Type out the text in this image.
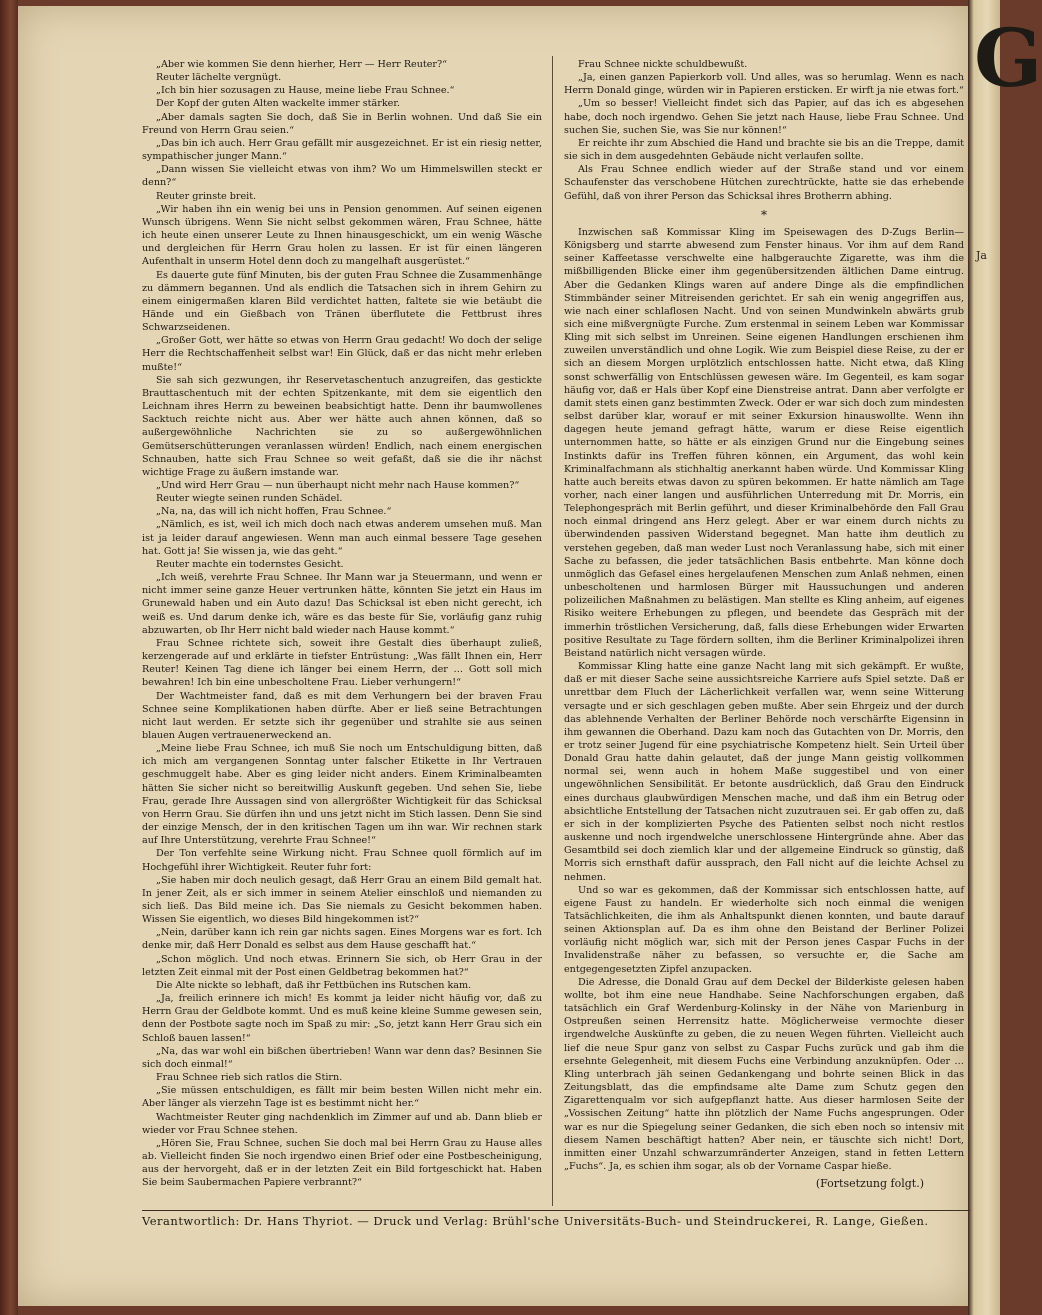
G
Ja

„Aber wie kommen Sie denn hierher, Herr — Herr Reuter?“

Reuter lächelte vergnügt.

„Ich bin hier sozusagen zu Hause, meine liebe Frau Schnee.“

Der Kopf der guten Alten wackelte immer stärker.

„Aber damals sagten Sie doch, daß Sie in Berlin wohnen. Und daß Sie ein Freund von Herrn Grau seien.“

„Das bin ich auch. Herr Grau gefällt mir ausgezeichnet. Er ist ein riesig netter, sympathischer junger Mann.“

„Dann wissen Sie vielleicht etwas von ihm? Wo um Himmelswillen steckt er denn?“

Reuter grinste breit.

„Wir haben ihn ein wenig bei uns in Pension genommen. Auf seinen eigenen Wunsch übrigens. Wenn Sie nicht selbst gekommen wären, Frau Schnee, hätte ich heute einen unserer Leute zu Ihnen hinausgeschickt, um ein wenig Wäsche und dergleichen für Herrn Grau holen zu lassen. Er ist für einen längeren Aufenthalt in unserm Hotel denn doch zu mangelhaft ausgerüstet.“

Es dauerte gute fünf Minuten, bis der guten Frau Schnee die Zusammenhänge zu dämmern begannen. Und als endlich die Tatsachen sich in ihrem Gehirn zu einem einigermaßen klaren Bild verdichtet hatten, faltete sie wie betäubt die Hände und ein Gießbach von Tränen überflutete die Fettbrust ihres Schwarzseidenen.

„Großer Gott, wer hätte so etwas von Herrn Grau gedacht! Wo doch der selige Herr die Rechtschaffenheit selbst war! Ein Glück, daß er das nicht mehr erleben mußte!“

Sie sah sich gezwungen, ihr Reservetaschentuch anzugreifen, das gestickte Brauttaschentuch mit der echten Spitzenkante, mit dem sie eigentlich den Leichnam ihres Herrn zu beweinen beabsichtigt hatte. Denn ihr baumwollenes Sacktuch reichte nicht aus. Aber wer hätte auch ahnen können, daß so außergewöhnliche Nachrichten sie zu so außergewöhnlichen Gemütserschütterungen veranlassen würden! Endlich, nach einem energischen Schnauben, hatte sich Frau Schnee so weit gefaßt, daß sie die ihr nächst wichtige Frage zu äußern imstande war.

„Und wird Herr Grau — nun überhaupt nicht mehr nach Hause kommen?“

Reuter wiegte seinen runden Schädel.

„Na, na, das will ich nicht hoffen, Frau Schnee.“

„Nämlich, es ist, weil ich mich doch nach etwas anderem umsehen muß. Man ist ja leider darauf angewiesen. Wenn man auch einmal bessere Tage gesehen hat. Gott ja! Sie wissen ja, wie das geht.“

Reuter machte ein todernstes Gesicht.

„Ich weiß, verehrte Frau Schnee. Ihr Mann war ja Steuermann, und wenn er nicht immer seine ganze Heuer vertrunken hätte, könnten Sie jetzt ein Haus im Grunewald haben und ein Auto dazu! Das Schicksal ist eben nicht gerecht, ich weiß es. Und darum denke ich, wäre es das beste für Sie, vorläufig ganz ruhig abzuwarten, ob Ihr Herr nicht bald wieder nach Hause kommt.“

Frau Schnee richtete sich, soweit ihre Gestalt dies überhaupt zuließ, kerzengerade auf und erklärte in tiefster Entrüstung: „Was fällt Ihnen ein, Herr Reuter! Keinen Tag diene ich länger bei einem Herrn, der … Gott soll mich bewahren! Ich bin eine unbescholtene Frau. Lieber verhungern!“

Der Wachtmeister fand, daß es mit dem Verhungern bei der braven Frau Schnee seine Komplikationen haben dürfte. Aber er ließ seine Betrachtungen nicht laut werden. Er setzte sich ihr gegenüber und strahlte sie aus seinen blauen Augen vertrauenerweckend an.

„Meine liebe Frau Schnee, ich muß Sie noch um Entschuldigung bitten, daß ich mich am vergangenen Sonntag unter falscher Etikette in Ihr Vertrauen geschmuggelt habe. Aber es ging leider nicht anders. Einem Kriminalbeamten hätten Sie sicher nicht so bereitwillig Auskunft gegeben. Und sehen Sie, liebe Frau, gerade Ihre Aussagen sind von allergrößter Wichtigkeit für das Schicksal von Herrn Grau. Sie dürfen ihn und uns jetzt nicht im Stich lassen. Denn Sie sind der einzige Mensch, der in den kritischen Tagen um ihn war. Wir rechnen stark auf Ihre Unterstützung, verehrte Frau Schnee!“

Der Ton verfehlte seine Wirkung nicht. Frau Schnee quoll förmlich auf im Hochgefühl ihrer Wichtigkeit. Reuter fuhr fort:

„Sie haben mir doch neulich gesagt, daß Herr Grau an einem Bild gemalt hat. In jener Zeit, als er sich immer in seinem Atelier einschloß und niemanden zu sich ließ. Das Bild meine ich. Das Sie niemals zu Gesicht bekommen haben. Wissen Sie eigentlich, wo dieses Bild hingekommen ist?“

„Nein, darüber kann ich rein gar nichts sagen. Eines Morgens war es fort. Ich denke mir, daß Herr Donald es selbst aus dem Hause geschafft hat.“

„Schon möglich. Und noch etwas. Erinnern Sie sich, ob Herr Grau in der letzten Zeit einmal mit der Post einen Geldbetrag bekommen hat?“

Die Alte nickte so lebhaft, daß ihr Fettbüchen ins Rutschen kam.

„Ja, freilich erinnere ich mich! Es kommt ja leider nicht häufig vor, daß zu Herrn Grau der Geldbote kommt. Und es muß keine kleine Summe gewesen sein, denn der Postbote sagte noch im Spaß zu mir: „So, jetzt kann Herr Grau sich ein Schloß bauen lassen!“

„Na, das war wohl ein bißchen übertrieben! Wann war denn das? Besinnen Sie sich doch einmal!“

Frau Schnee rieb sich ratlos die Stirn.

„Sie müssen entschuldigen, es fällt mir beim besten Willen nicht mehr ein. Aber länger als vierzehn Tage ist es bestimmt nicht her.“

Wachtmeister Reuter ging nachdenklich im Zimmer auf und ab. Dann blieb er wieder vor Frau Schnee stehen.

„Hören Sie, Frau Schnee, suchen Sie doch mal bei Herrn Grau zu Hause alles ab. Vielleicht finden Sie noch irgendwo einen Brief oder eine Postbescheinigung, aus der hervorgeht, daß er in der letzten Zeit ein Bild fortgeschickt hat. Haben Sie beim Saubermachen Papiere verbrannt?“

Frau Schnee nickte schuldbewußt.

„Ja, einen ganzen Papierkorb voll. Und alles, was so herumlag. Wenn es nach Herrn Donald ginge, würden wir in Papieren ersticken. Er wirft ja nie etwas fort.“

„Um so besser! Vielleicht findet sich das Papier, auf das ich es abgesehen habe, doch noch irgendwo. Gehen Sie jetzt nach Hause, liebe Frau Schnee. Und suchen Sie, suchen Sie, was Sie nur können!“

Er reichte ihr zum Abschied die Hand und brachte sie bis an die Treppe, damit sie sich in dem ausgedehnten Gebäude nicht verlaufen sollte.

Als Frau Schnee endlich wieder auf der Straße stand und vor einem Schaufenster das verschobene Hütchen zurechtrückte, hatte sie das erhebende Gefühl, daß von ihrer Person das Schicksal ihres Brotherrn abhing.

*

Inzwischen saß Kommissar Kling im Speisewagen des D-Zugs Berlin—Königsberg und starrte abwesend zum Fenster hinaus. Vor ihm auf dem Rand seiner Kaffeetasse verschwelte eine halbgerauchte Zigarette, was ihm die mißbilligenden Blicke einer ihm gegenübersitzenden ältlichen Dame eintrug. Aber die Gedanken Klings waren auf andere Dinge als die empfindlichen Stimmbänder seiner Mitreisenden gerichtet. Er sah ein wenig angegriffen aus, wie nach einer schlaflosen Nacht. Und von seinen Mundwinkeln abwärts grub sich eine mißvergnügte Furche. Zum erstenmal in seinem Leben war Kommissar Kling mit sich selbst im Unreinen. Seine eigenen Handlungen erschienen ihm zuweilen unverständlich und ohne Logik. Wie zum Beispiel diese Reise, zu der er sich an diesem Morgen urplötzlich entschlossen hatte. Nicht etwa, daß Kling sonst schwerfällig von Entschlüssen gewesen wäre. Im Gegenteil, es kam sogar häufig vor, daß er Hals über Kopf eine Dienstreise antrat. Dann aber verfolgte er damit stets einen ganz bestimmten Zweck. Oder er war sich doch zum mindesten selbst darüber klar, worauf er mit seiner Exkursion hinauswollte. Wenn ihn dagegen heute jemand gefragt hätte, warum er diese Reise eigentlich unternommen hatte, so hätte er als einzigen Grund nur die Eingebung seines Instinkts dafür ins Treffen führen können, ein Argument, das wohl kein Kriminalfachmann als stichhaltig anerkannt haben würde. Und Kommissar Kling hatte auch bereits etwas davon zu spüren bekommen. Er hatte nämlich am Tage vorher, nach einer langen und ausführlichen Unterredung mit Dr. Morris, ein Telephongespräch mit Berlin geführt, und dieser Kriminalbehörde den Fall Grau noch einmal dringend ans Herz gelegt. Aber er war einem durch nichts zu überwindenden passiven Widerstand begegnet. Man hatte ihm deutlich zu verstehen gegeben, daß man weder Lust noch Veranlassung habe, sich mit einer Sache zu befassen, die jeder tatsächlichen Basis entbehrte. Man könne doch unmöglich das Gefasel eines hergelaufenen Menschen zum Anlaß nehmen, einen unbescholtenen und harmlosen Bürger mit Haussuchungen und anderen polizeilichen Maßnahmen zu belästigen. Man stellte es Kling anheim, auf eigenes Risiko weitere Erhebungen zu pflegen, und beendete das Gespräch mit der immerhin tröstlichen Versicherung, daß, falls diese Erhebungen wider Erwarten positive Resultate zu Tage fördern sollten, ihm die Berliner Kriminalpolizei ihren Beistand natürlich nicht versagen würde.

Kommissar Kling hatte eine ganze Nacht lang mit sich gekämpft. Er wußte, daß er mit dieser Sache seine aussichtsreiche Karriere aufs Spiel setzte. Daß er unrettbar dem Fluch der Lächerlichkeit verfallen war, wenn seine Witterung versagte und er sich geschlagen geben mußte. Aber sein Ehrgeiz und der durch das ablehnende Verhalten der Berliner Behörde noch verschärfte Eigensinn in ihm gewannen die Oberhand. Dazu kam noch das Gutachten von Dr. Morris, den er trotz seiner Jugend für eine psychiatrische Kompetenz hielt. Sein Urteil über Donald Grau hatte dahin gelautet, daß der junge Mann geistig vollkommen normal sei, wenn auch in hohem Maße suggestibel und von einer ungewöhnlichen Sensibilität. Er betonte ausdrücklich, daß Grau den Eindruck eines durchaus glaubwürdigen Menschen mache, und daß ihm ein Betrug oder absichtliche Entstellung der Tatsachen nicht zuzutrauen sei. Er gab offen zu, daß er sich in der komplizierten Psyche des Patienten selbst noch nicht restlos auskenne und noch irgendwelche unerschlossene Hintergründe ahne. Aber das Gesamtbild sei doch ziemlich klar und der allgemeine Eindruck so günstig, daß Morris sich ernsthaft dafür aussprach, den Fall nicht auf die leichte Achsel zu nehmen.

Und so war es gekommen, daß der Kommissar sich entschlossen hatte, auf eigene Faust zu handeln. Er wiederholte sich noch einmal die wenigen Tatsächlichkeiten, die ihm als Anhaltspunkt dienen konnten, und baute darauf seinen Aktionsplan auf. Da es ihm ohne den Beistand der Berliner Polizei vorläufig nicht möglich war, sich mit der Person jenes Caspar Fuchs in der Invalidenstraße näher zu befassen, so versuchte er, die Sache am entgegengesetzten Zipfel anzupacken.

Die Adresse, die Donald Grau auf dem Deckel der Bilderkiste gelesen haben wollte, bot ihm eine neue Handhabe. Seine Nachforschungen ergaben, daß tatsächlich ein Graf Werdenburg-Kolinsky in der Nähe von Marienburg in Ostpreußen seinen Herrensitz hatte. Möglicherweise vermochte dieser irgendwelche Auskünfte zu geben, die zu neuen Wegen führten. Vielleicht auch lief die neue Spur ganz von selbst zu Caspar Fuchs zurück und gab ihm die ersehnte Gelegenheit, mit diesem Fuchs eine Verbindung anzuknüpfen. Oder … Kling unterbrach jäh seinen Gedankengang und bohrte seinen Blick in das Zeitungsblatt, das die empfindsame alte Dame zum Schutz gegen den Zigarettenqualm vor sich aufgepflanzt hatte. Aus dieser harmlosen Seite der „Vossischen Zeitung“ hatte ihn plötzlich der Name Fuchs angesprungen. Oder war es nur die Spiegelung seiner Gedanken, die sich eben noch so intensiv mit diesem Namen beschäftigt hatten? Aber nein, er täuschte sich nicht! Dort, inmitten einer Unzahl schwarzumränderter Anzeigen, stand in fetten Lettern „Fuchs“. Ja, es schien ihm sogar, als ob der Vorname Caspar hieße.

(Fortsetzung folgt.)
Verantwortlich: Dr. Hans Thyriot. — Druck und Verlag: Brühl'sche Universitäts-Buch- und Steindruckerei, R. Lange, Gießen.
